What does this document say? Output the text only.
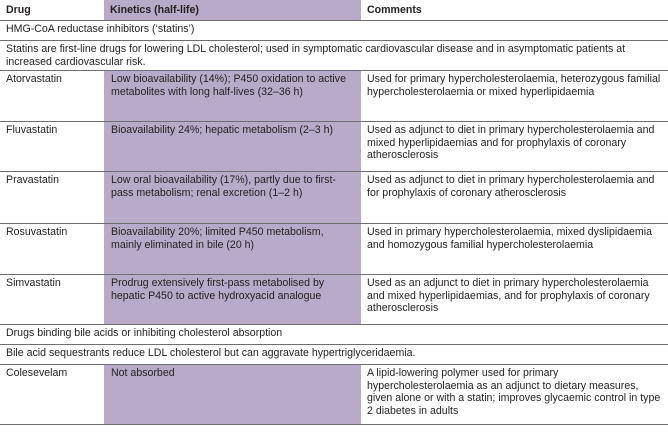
Drug	Kinetics (half-life)	Comments
HMG-CoA reductase inhibitors (‘statins’)		
Statins are first-line drugs for lowering LDL cholesterol; used in symptomatic cardiovascular disease and in asymptomatic patients at increased cardiovascular risk.		
Atorvastatin	Low bioavailability (14%); P450 oxidation to active metabolites with long half-lives (32–36 h)	Used for primary hypercholesterolaemia, heterozygous familial hypercholesterolaemia or mixed hyperlipidaemia
Fluvastatin	Bioavailability 24%; hepatic metabolism (2–3 h)	Used as adjunct to diet in primary hypercholesterolaemia and mixed hyperlipidaemias and for prophylaxis of coronary atherosclerosis
Pravastatin	Low oral bioavailability (17%), partly due to first-pass metabolism; renal excretion (1–2 h)	Used as adjunct to diet in primary hypercholesterolaemia and for prophylaxis of coronary atherosclerosis
Rosuvastatin	Bioavailability 20%; limited P450 metabolism, mainly eliminated in bile (20 h)	Used in primary hypercholesterolaemia, mixed dyslipidaemia and homozygous familial hypercholesterolaemia
Simvastatin	Prodrug extensively first-pass metabolised by hepatic P450 to active hydroxyacid analogue	Used as an adjunct to diet in primary hypercholesterolaemia and mixed hyperlipidaemias, and for prophylaxis of coronary atherosclerosis
Drugs binding bile acids or inhibiting cholesterol absorption		
Bile acid sequestrants reduce LDL cholesterol but can aggravate hypertriglyceridaemia.		
Colesevelam	Not absorbed	A lipid-lowering polymer used for primary hypercholesterolaemia as an adjunct to dietary measures, given alone or with a statin; improves glycaemic control in type 2 diabetes in adults
